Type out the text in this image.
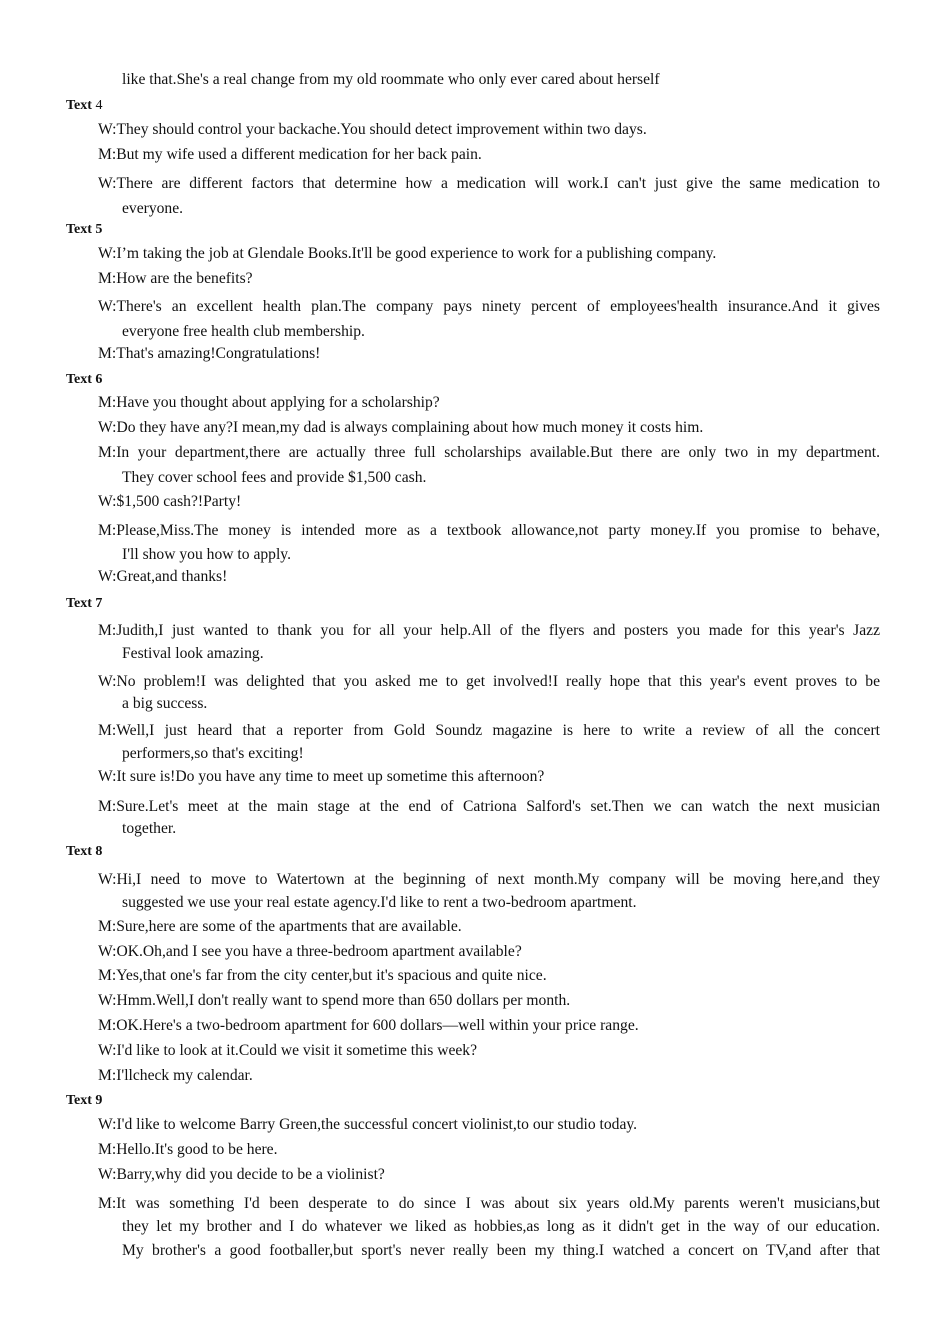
like that.She's a real change from my old roommate who only ever cared about herself
Text 4
W:They should control your backache.You should detect improvement within two days.
M:But my wife used a different medication for her back pain.
W:There are different factors that determine how a medication will work.I can't just give the same medication to
everyone.
Text 5
W:I’m taking the job at Glendale Books.It'll be good experience to work for a publishing company.
M:How are the benefits?
W:There's an excellent health plan.The company pays ninety percent of employees'health insurance.And it gives
everyone free health club membership.
M:That's amazing!Congratulations!
Text 6
M:Have you thought about applying for a scholarship?
W:Do they have any?I mean,my dad is always complaining about how much money it costs him.
M:In your department,there are actually three full scholarships available.But there are only two in my department.
They cover school fees and provide $1,500 cash.
W:$1,500 cash?!Party!
M:Please,Miss.The money is intended more as a textbook allowance,not party money.If you promise to behave,
I'll show you how to apply.
W:Great,and thanks!
Text 7
M:Judith,I just wanted to thank you for all your help.All of the flyers and posters you made for this year's Jazz
Festival look amazing.
W:No problem!I was delighted that you asked me to get involved!I really hope that this year's event proves to be
a big success.
M:Well,I just heard that a reporter from Gold Soundz magazine is here to write a review of all the concert
performers,so that's exciting!
W:It sure is!Do you have any time to meet up sometime this afternoon?
M:Sure.Let's meet at the main stage at the end of Catriona Salford's set.Then we can watch the next musician
together.
Text 8
W:Hi,I need to move to Watertown at the beginning of next month.My company will be moving here,and they
suggested we use your real estate agency.I'd like to rent a two-bedroom apartment.
M:Sure,here are some of the apartments that are available.
W:OK.Oh,and I see you have a three-bedroom apartment available?
M:Yes,that one's far from the city center,but it's spacious and quite nice.
W:Hmm.Well,I don't really want to spend more than 650 dollars per month.
M:OK.Here's a two-bedroom apartment for 600 dollars—well within your price range.
W:I'd like to look at it.Could we visit it sometime this week?
M:I'llcheck my calendar.
Text 9
W:I'd like to welcome Barry Green,the successful concert violinist,to our studio today.
M:Hello.It's good to be here.
W:Barry,why did you decide to be a violinist?
M:It was something I'd been desperate to do since I was about six years old.My parents weren't musicians,but
they let my brother and I do whatever we liked as hobbies,as long as it didn't get in the way of our education.
My brother's a good footballer,but sport's never really been my thing.I watched a concert on TV,and after that
